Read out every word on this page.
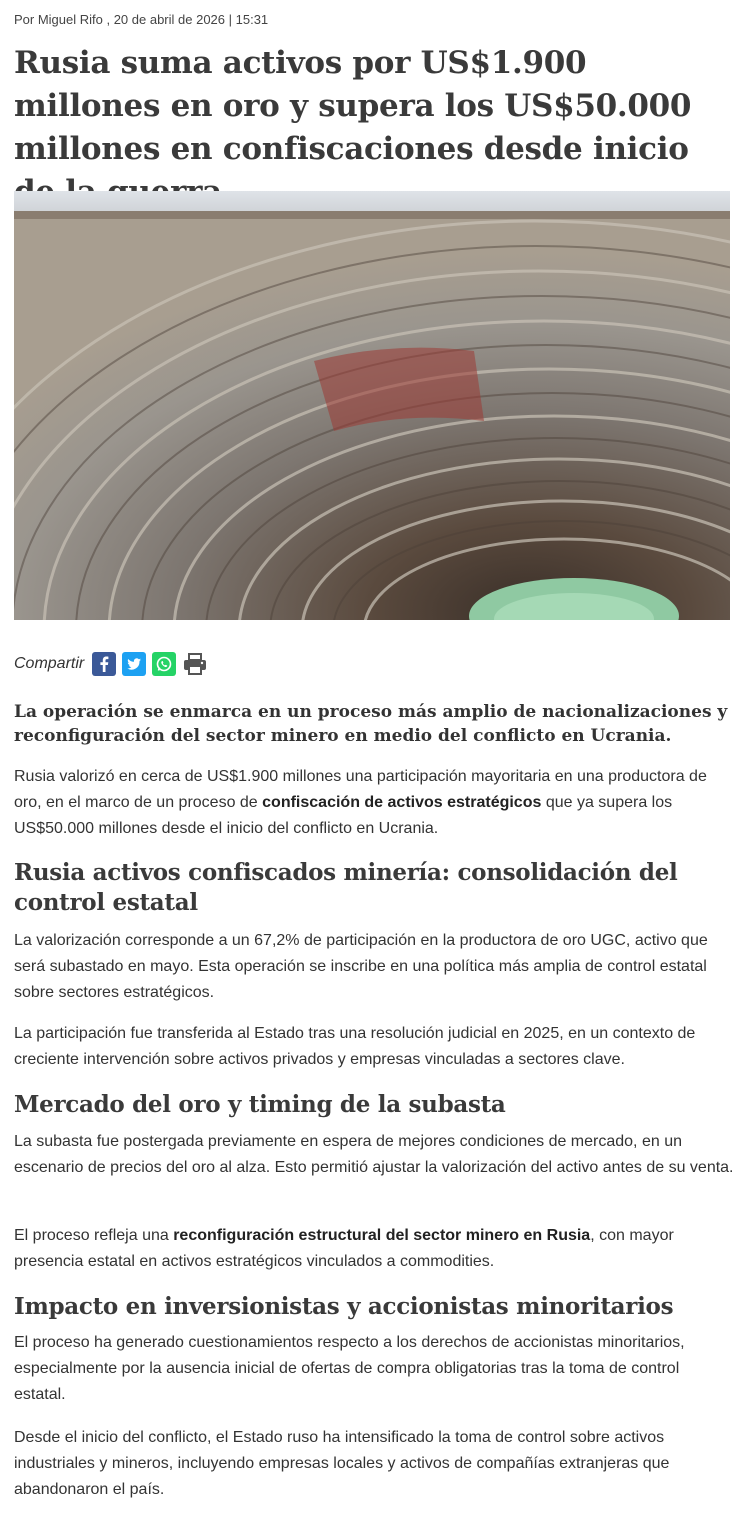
Por Miguel Rifo , 20 de abril de 2026 | 15:31
Rusia suma activos por US$1.900 millones en oro y supera los US$50.000 millones en confiscaciones desde inicio
Compartir

La operación se enmarca en un proceso más amplio de nacionalizaciones y reconfiguración del sector minero en medio del conflicto en Ucrania.

Rusia valorizó en cerca de US$1.900 millones una participación mayoritaria en una productora de oro, en el marco de un proceso de confiscación de activos estratégicos que ya supera los US$50.000 millones desde el inicio del conflicto en Ucrania.

Rusia activos confiscados minería: consolidación del control estatal

La valorización corresponde a un 67,2% de participación en la productora de oro UGC, activo que será subastado en mayo. Esta operación se inscribe en una política más amplia de control estatal sobre sectores estratégicos.

La participación fue transferida al Estado tras una resolución judicial en 2025, en un contexto de creciente intervención sobre activos privados y empresas vinculadas a sectores clave.

Mercado del oro y timing de la subasta

La subasta fue postergada previamente en espera de mejores condiciones de mercado, en un escenario de precios del oro al alza. Esto permitió ajustar la valorización del activo antes de su venta.

El proceso refleja una reconfiguración estructural del sector minero en Rusia, con mayor presencia estatal en activos estratégicos vinculados a commodities.

Impacto en inversionistas y accionistas minoritarios

El proceso ha generado cuestionamientos respecto a los derechos de accionistas minoritarios, especialmente por la ausencia inicial de ofertas de compra obligatorias tras la toma de control estatal.

Desde el inicio del conflicto, el Estado ruso ha intensificado la toma de control sobre activos industriales y mineros, incluyendo empresas locales y activos de compañías extranjeras que abandonaron el país.
